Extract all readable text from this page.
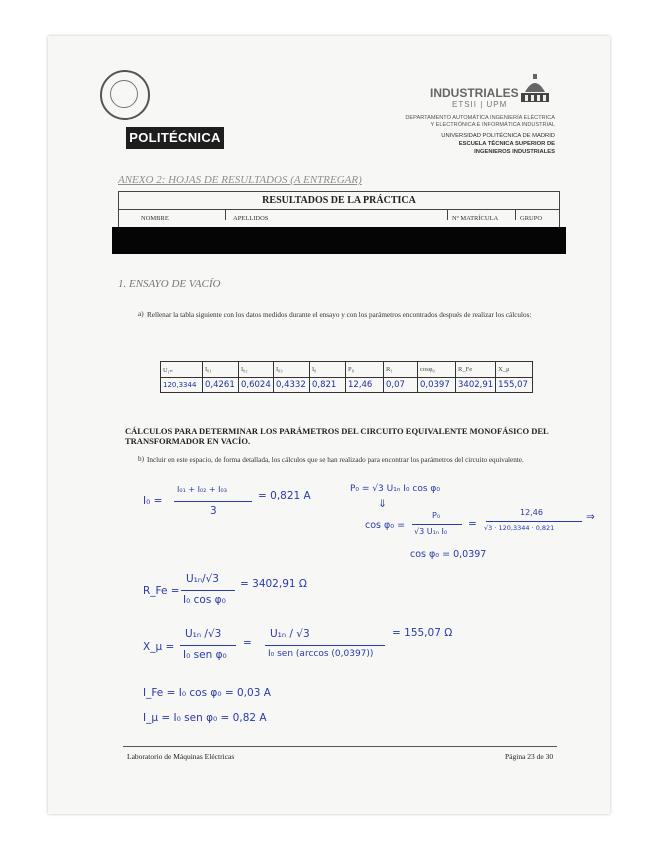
POLITÉCNICA
INDUSTRIALES
ETSII | UPM
DEPARTAMENTO AUTOMÁTICA INGENIERÍA ELÉCTRICA
Y ELECTRÓNICA E INFORMÁTICA INDUSTRIAL
UNIVERSIDAD POLITÉCNICA DE MADRID
ESCUELA TÉCNICA SUPERIOR DE
INGENIEROS INDUSTRIALES
ANEXO 2: HOJAS DE RESULTADOS (A ENTREGAR)
RESULTADOS DE LA PRÁCTICA
NOMBRE	APELLIDOS	Nº MATRÍCULA	GRUPO
1. ENSAYO DE VACÍO
a) Rellenar la tabla siguiente con los datos medidos durante el ensayo y con los parámetros encontrados después de realizar los cálculos:
U₁ₙ	I₀₁	I₀₂	I₀₃	I₀	P₀	R₁	cosφ₀	R_Fe	X_μ
120,3344	0,4261	0,6024	0,4332	0,821	12,46	0,07	0,0397	3402,91	155,07
CÁLCULOS PARA DETERMINAR LOS PARÁMETROS DEL CIRCUITO EQUIVALENTE MONOFÁSICO DEL TRANSFORMADOR EN VACÍO.
b) Incluir en este espacio, de forma detallada, los cálculos que se han realizado para encontrar los parámetros del circuito equivalente.
I₀ =
I₀₁ + I₀₂ + I₀₃
3
= 0,821 A
P₀ = √3 U₁ₙ I₀ cos φ₀
⇓
cos φ₀ =
P₀
√3 U₁ₙ I₀
=
12,46
√3 · 120,3344 · 0,821
⇒
cos φ₀ = 0,0397
R_Fe =
U₁ₙ/√3
I₀ cos φ₀
= 3402,91 Ω
X_μ =
U₁ₙ /√3
I₀ sen φ₀
=
U₁ₙ / √3
I₀ sen (arccos (0,0397))
= 155,07 Ω
I_Fe = I₀ cos φ₀ = 0,03 A
I_μ = I₀ sen φ₀ = 0,82 A
Laboratorio de Máquinas Eléctricas	Página 23 de 30
